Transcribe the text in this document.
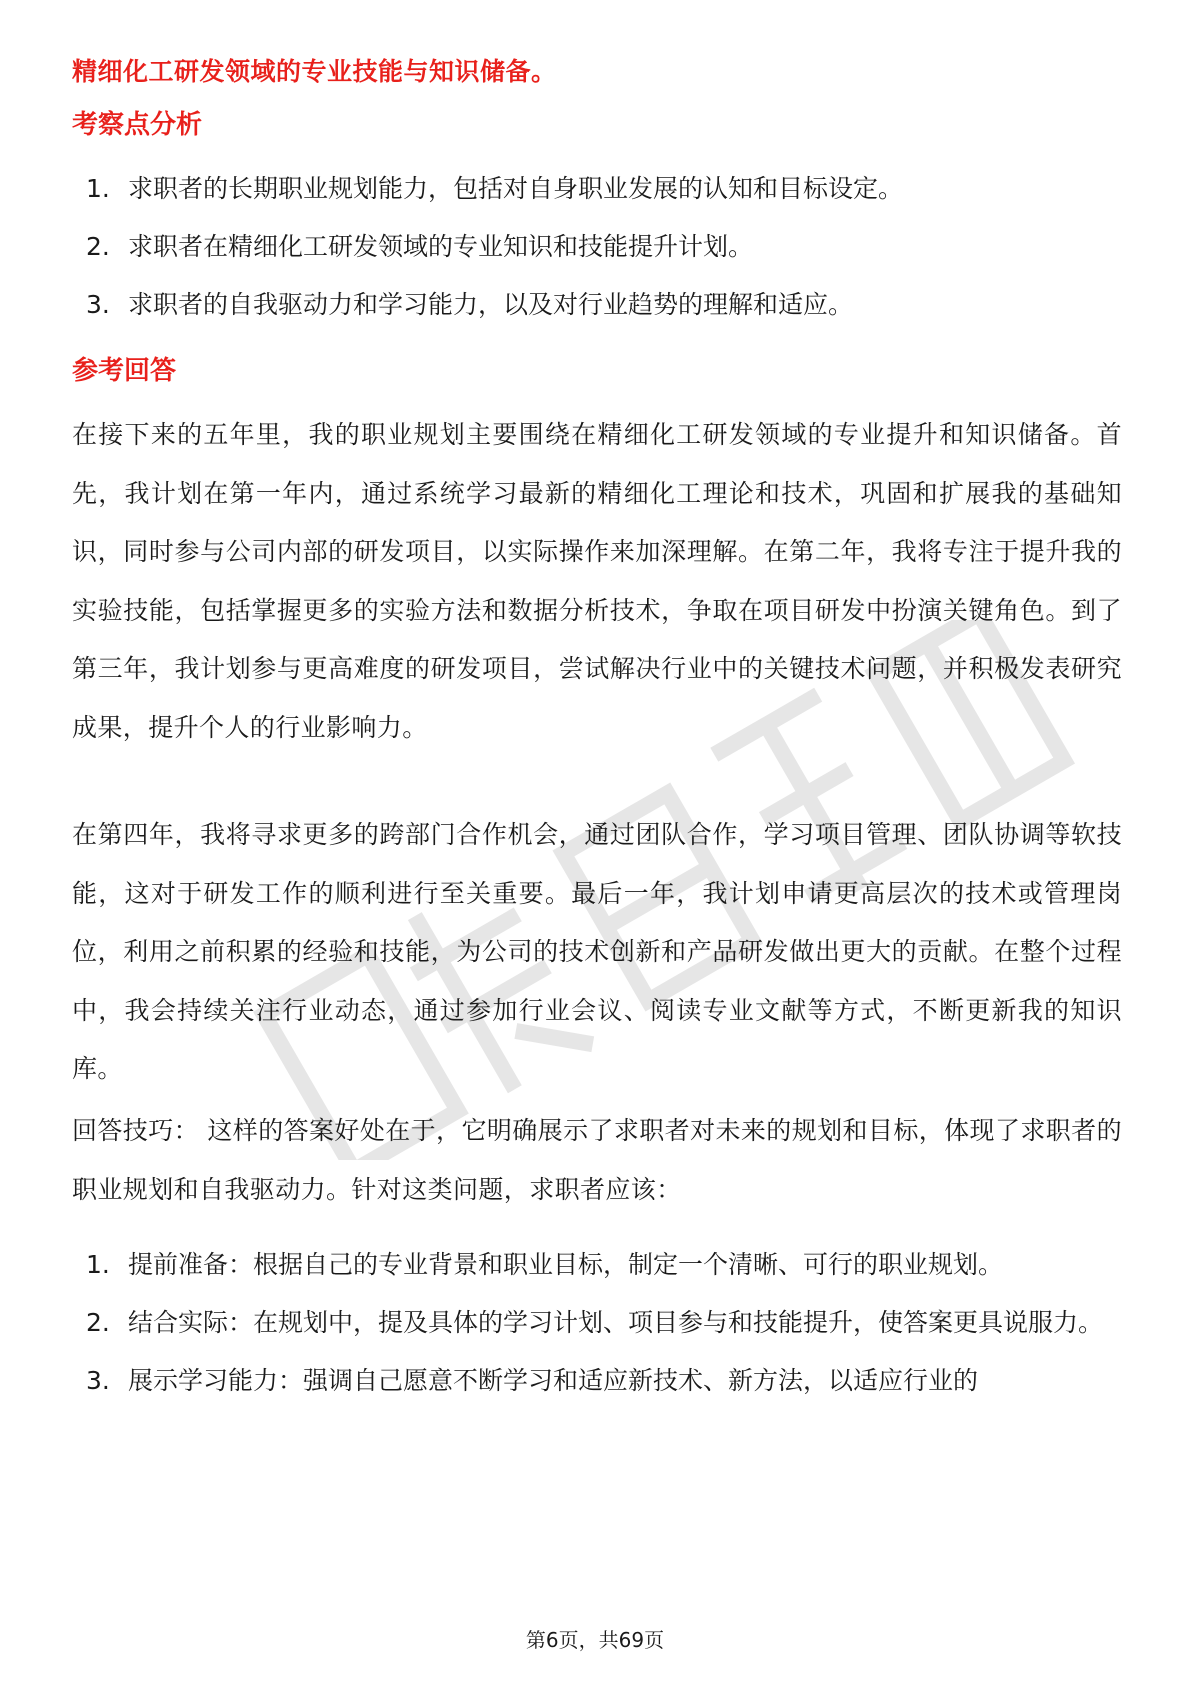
精细化工研发领域的专业技能与知识储备。
考察点分析
1. 求职者的长期职业规划能力，包括对自身职业发展的认知和目标设定。
2. 求职者在精细化工研发领域的专业知识和技能提升计划。
3. 求职者的自我驱动力和学习能力，以及对行业趋势的理解和适应。
参考回答

在接下来的五年里，我的职业规划主要围绕在精细化工研发领域的专业提升和知识储备。首先，我计划在第一年内，通过系统学习最新的精细化工理论和技术，巩固和扩展我的基础知识，同时参与公司内部的研发项目，以实际操作来加深理解。在第二年，我将专注于提升我的实验技能，包括掌握更多的实验方法和数据分析技术，争取在项目研发中扮演关键角色。到了第三年，我计划参与更高难度的研发项目，尝试解决行业中的关键技术问题，并积极发表研究成果，提升个人的行业影响力。

在第四年，我将寻求更多的跨部门合作机会，通过团队合作，学习项目管理、团队协调等软技能，这对于研发工作的顺利进行至关重要。最后一年，我计划申请更高层次的技术或管理岗位，利用之前积累的经验和技能，为公司的技术创新和产品研发做出更大的贡献。在整个过程中，我会持续关注行业动态，通过参加行业会议、阅读专业文献等方式，不断更新我的知识库。

回答技巧： 这样的答案好处在于，它明确展示了求职者对未来的规划和目标，体现了求职者的职业规划和自我驱动力。针对这类问题，求职者应该：

1. 提前准备：根据自己的专业背景和职业目标，制定一个清晰、可行的职业规划。
2. 结合实际：在规划中，提及具体的学习计划、项目参与和技能提升，使答案更具说服力。
3. 展示学习能力：强调自己愿意不断学习和适应新技术、新方法，以适应行业的
第6页，共69页
